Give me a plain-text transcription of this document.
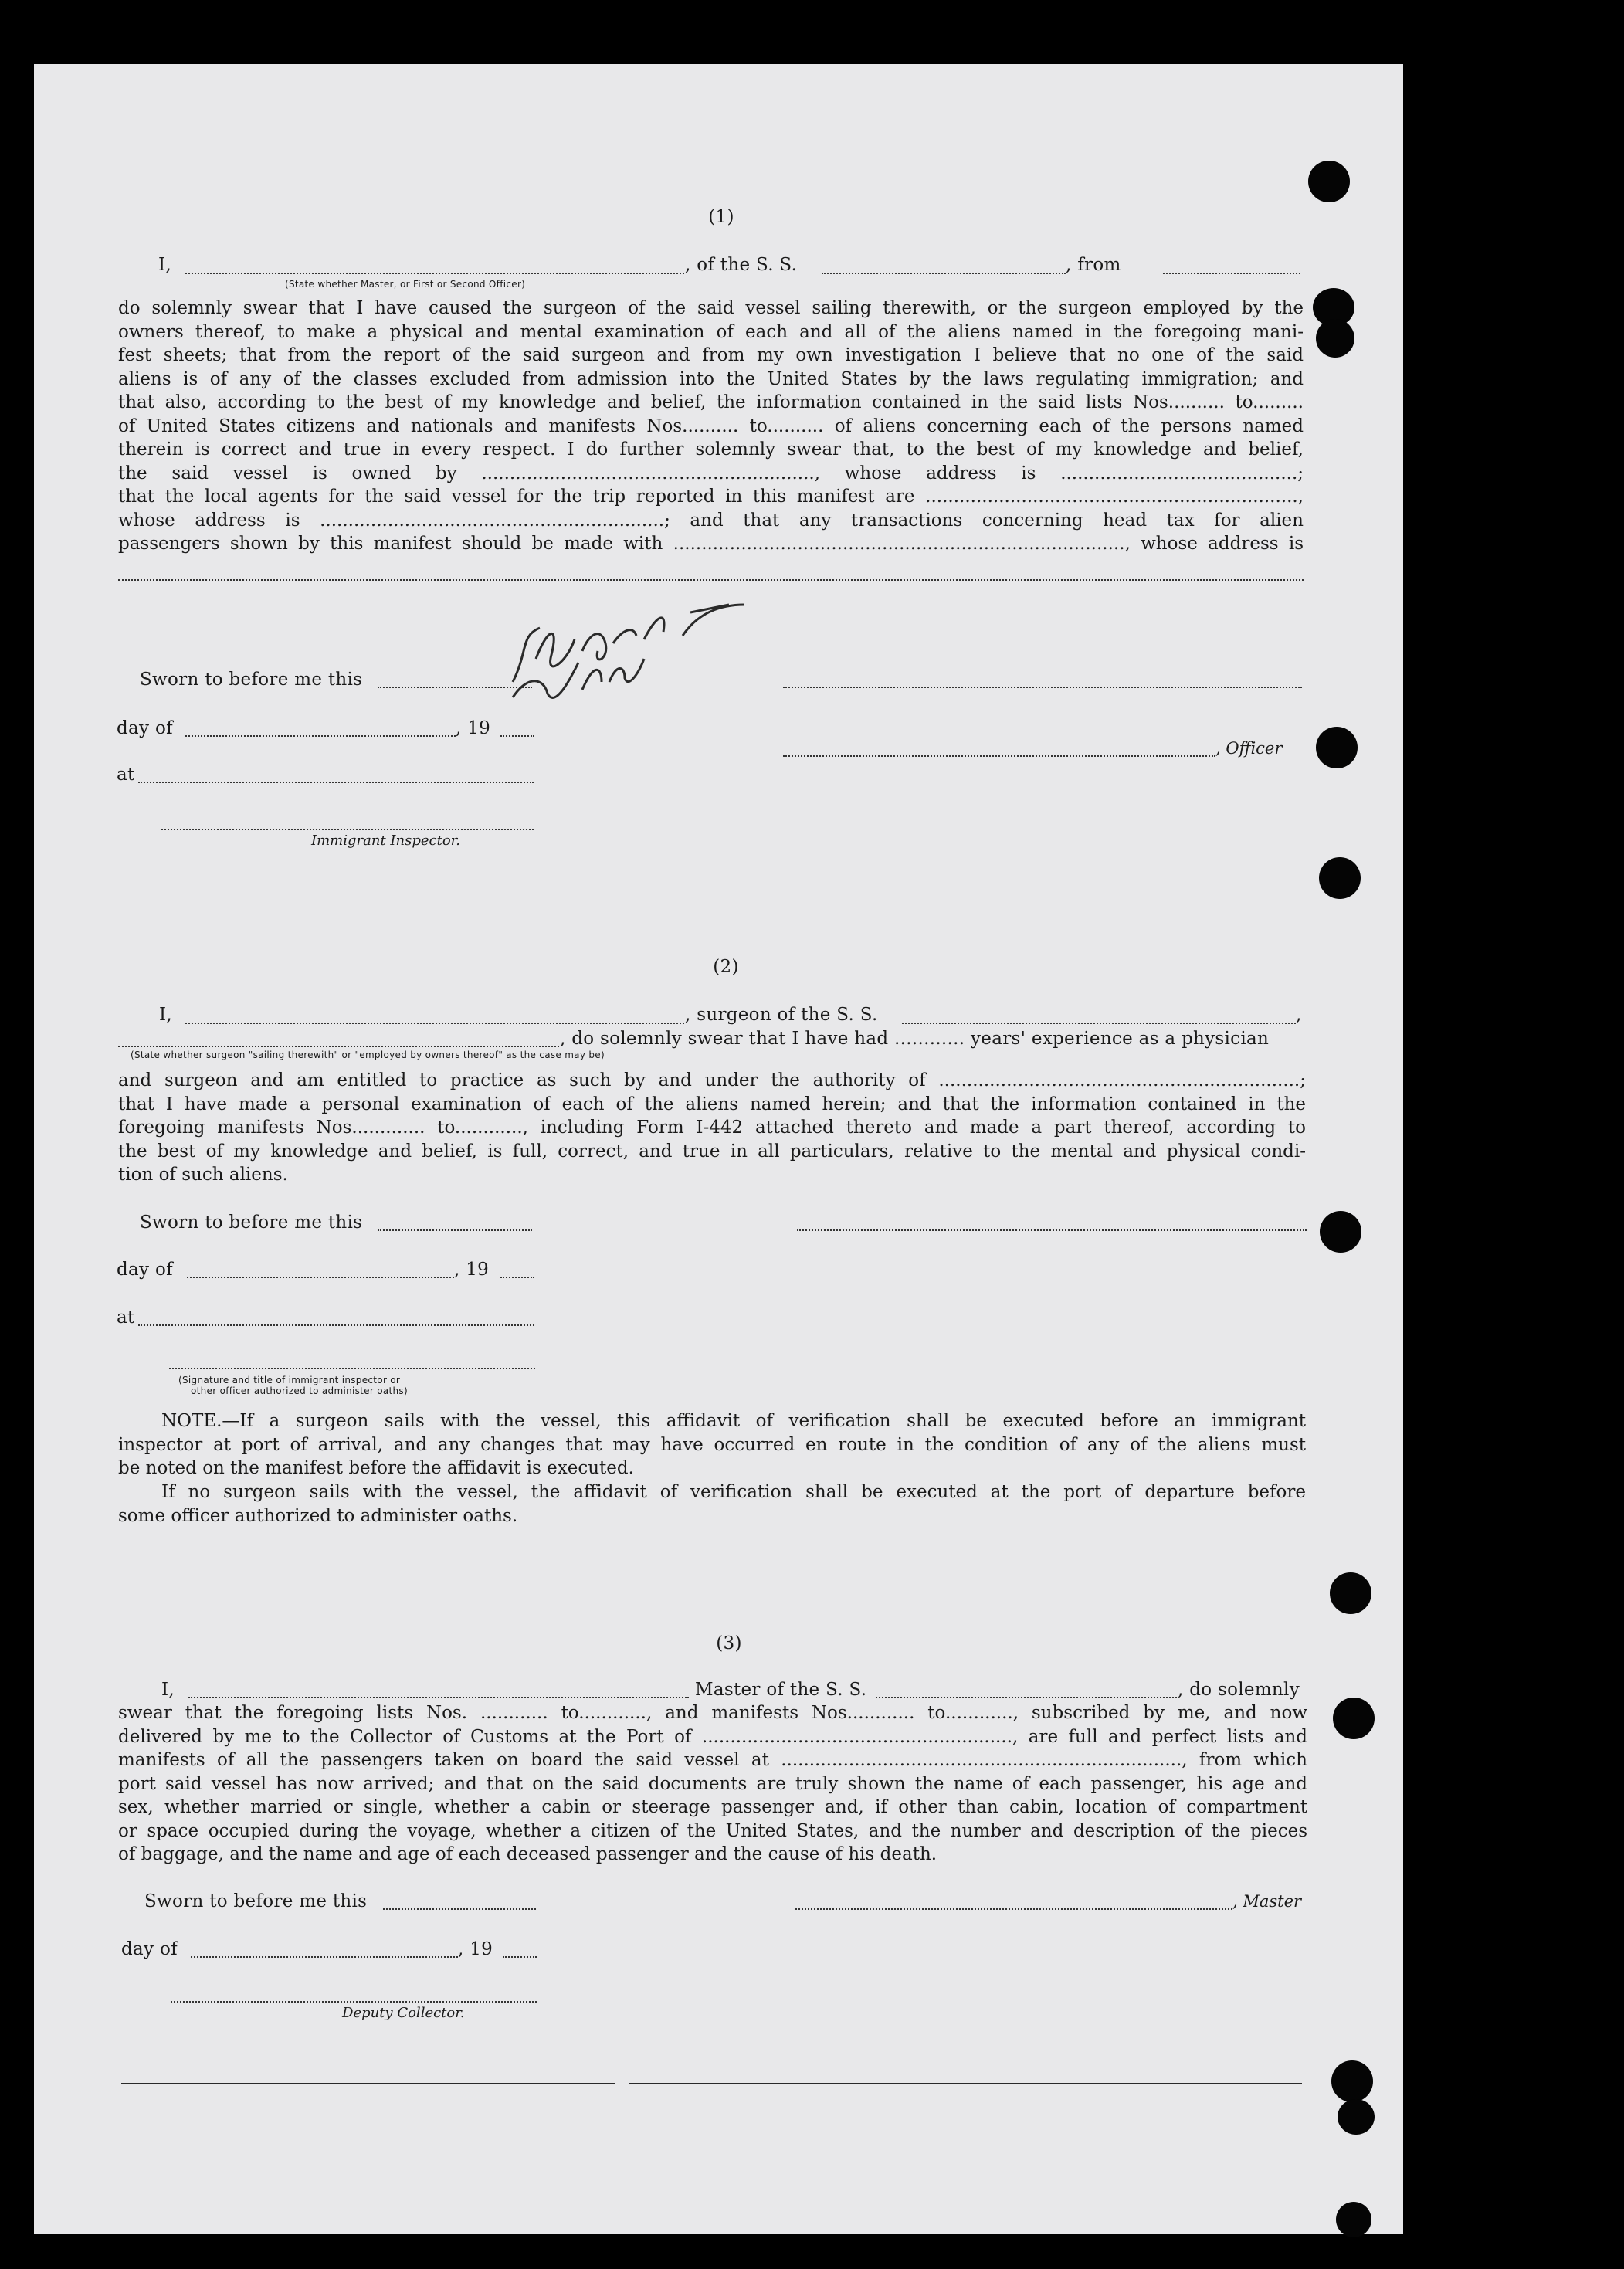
(1)
I,	, of the S. S.	, from
(State whether Master, or First or Second Officer)

do solemnly swear that I have caused the surgeon of the said vessel sailing therewith, or the surgeon employed by the

owners thereof, to make a physical and mental examination of each and all of the aliens named in the foregoing mani-

fest sheets; that from the report of the said surgeon and from my own investigation I believe that no one of the said

aliens is of any of the classes excluded from admission into the United States by the laws regulating immigration; and

that also, according to the best of my knowledge and belief, the information contained in the said lists Nos.......... to.........

of United States citizens and nationals and manifests Nos.......... to.......... of aliens concerning each of the persons named

therein is correct and true in every respect. I do further solemnly swear that, to the best of my knowledge and belief,

the said vessel is owned by ..........................................................., whose address is ..........................................;

that the local agents for the said vessel for the trip reported in this manifest are ..................................................................,

whose address is .............................................................; and that any transactions concerning head tax for alien

passengers shown by this manifest should be made with ................................................................................, whose address is

Sworn to before me this
day of	, 19
, Officer
at
Immigrant Inspector.
(2)
I,	, surgeon of the S. S.	,
, do solemnly swear that I have had ............ years' experience as a physician
(State whether surgeon "sailing therewith" or "employed by owners thereof" as the case may be)

and surgeon and am entitled to practice as such by and under the authority of ................................................................;

that I have made a personal examination of each of the aliens named herein; and that the information contained in the

foregoing manifests Nos............. to............, including Form I-442 attached thereto and made a part thereof, according to

the best of my knowledge and belief, is full, correct, and true in all particulars, relative to the mental and physical condi-

tion of such aliens.

Sworn to before me this
day of	, 19
at
(Signature and title of immigrant inspector or
other officer authorized to administer oaths)

NOTE.—If a surgeon sails with the vessel, this affidavit of verification shall be executed before an immigrant

inspector at port of arrival, and any changes that may have occurred en route in the condition of any of the aliens must

be noted on the manifest before the affidavit is executed.

If no surgeon sails with the vessel, the affidavit of verification shall be executed at the port of departure before

some officer authorized to administer oaths.

(3)
I,	Master of the S. S.	, do solemnly

swear that the foregoing lists Nos. ............ to............, and manifests Nos............ to............, subscribed by me, and now

delivered by me to the Collector of Customs at the Port of ......................................................., are full and perfect lists and

manifests of all the passengers taken on board the said vessel at ......................................................................., from which

port said vessel has now arrived; and that on the said documents are truly shown the name of each passenger, his age and

sex, whether married or single, whether a cabin or steerage passenger and, if other than cabin, location of compartment

or space occupied during the voyage, whether a citizen of the United States, and the number and description of the pieces

of baggage, and the name and age of each deceased passenger and the cause of his death.

Sworn to before me this	, Master
day of	, 19
Deputy Collector.
